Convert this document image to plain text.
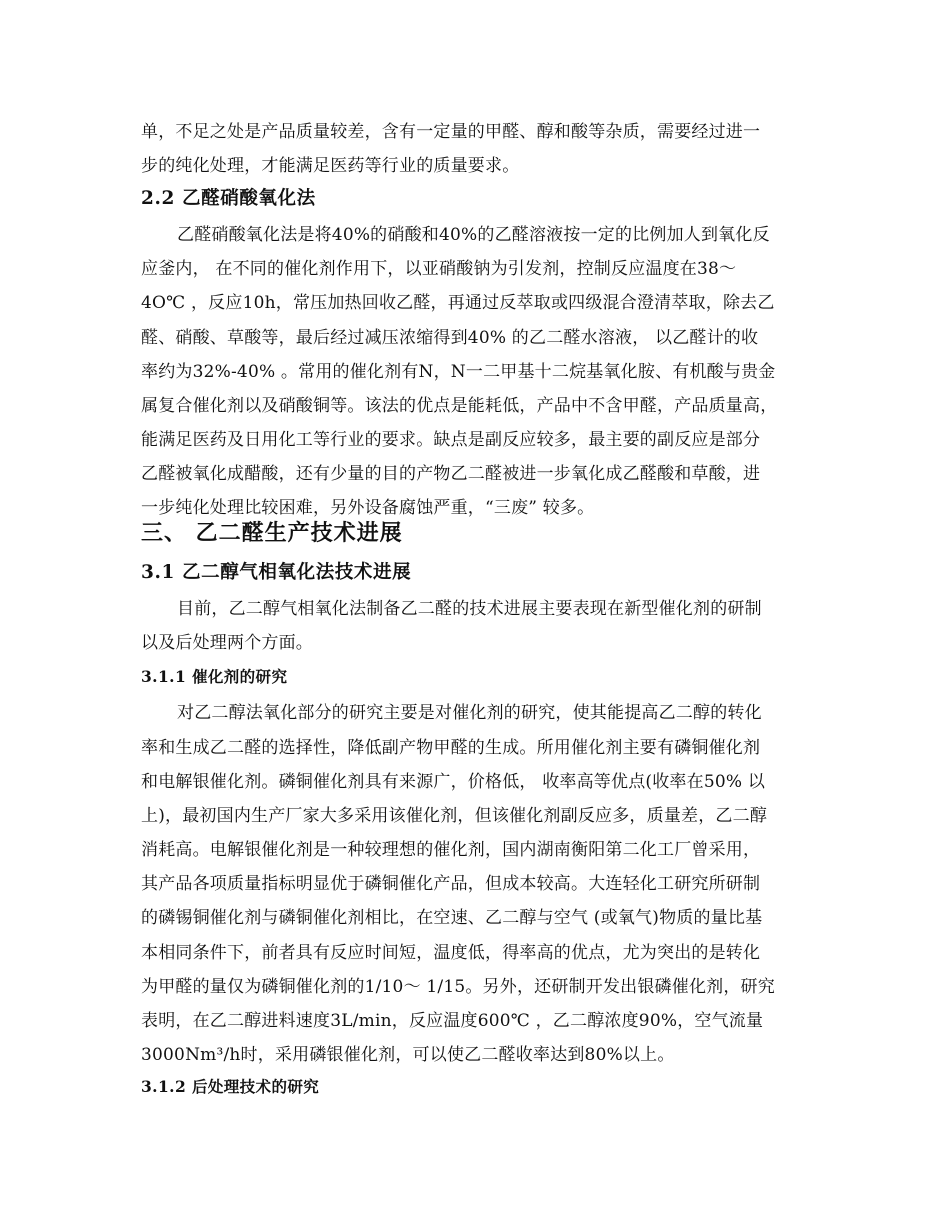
单，不足之处是产品质量较差，含有一定量的甲醛、醇和酸等杂质，需要经过进一

步的纯化处理，才能满足医药等行业的质量要求。

2.2 乙醛硝酸氧化法

乙醛硝酸氧化法是将40%的硝酸和40%的乙醛溶液按一定的比例加人到氧化反

应釜内， 在不同的催化剂作用下，以亚硝酸钠为引发剂，控制反应温度在38～

4O℃ ，反应10h，常压加热回收乙醛，再通过反萃取或四级混合澄清萃取，除去乙

醛、硝酸、草酸等，最后经过减压浓缩得到40% 的乙二醛水溶液， 以乙醛计的收

率约为32%-40% 。常用的催化剂有N，N一二甲基十二烷基氧化胺、有机酸与贵金

属复合催化剂以及硝酸铜等。该法的优点是能耗低，产品中不含甲醛，产品质量高，

能满足医药及日用化工等行业的要求。缺点是副反应较多，最主要的副反应是部分

乙醛被氧化成醋酸，还有少量的目的产物乙二醛被进一步氧化成乙醛酸和草酸，进

一步纯化处理比较困难，另外设备腐蚀严重，“三废” 较多。

三、 乙二醛生产技术进展
3.1 乙二醇气相氧化法技术进展

目前，乙二醇气相氧化法制备乙二醛的技术进展主要表现在新型催化剂的研制

以及后处理两个方面。

3.1.1 催化剂的研究

对乙二醇法氧化部分的研究主要是对催化剂的研究，使其能提高乙二醇的转化

率和生成乙二醛的选择性，降低副产物甲醛的生成。所用催化剂主要有磷铜催化剂

和电解银催化剂。磷铜催化剂具有来源广，价格低， 收率高等优点(收率在50% 以

上)，最初国内生产厂家大多采用该催化剂，但该催化剂副反应多，质量差，乙二醇

消耗高。电解银催化剂是一种较理想的催化剂，国内湖南衡阳第二化工厂曾采用，

其产品各项质量指标明显优于磷铜催化产品，但成本较高。大连轻化工研究所研制

的磷锡铜催化剂与磷铜催化剂相比，在空速、乙二醇与空气 (或氧气)物质的量比基

本相同条件下，前者具有反应时间短，温度低，得率高的优点，尤为突出的是转化

为甲醛的量仅为磷铜催化剂的1/10～ 1/15。另外，还研制开发出银磷催化剂，研究

表明，在乙二醇进料速度3L/min，反应温度600℃ ，乙二醇浓度90%，空气流量

3000Nm³/h时，采用磷银催化剂，可以使乙二醛收率达到80%以上。

3.1.2 后处理技术的研究
